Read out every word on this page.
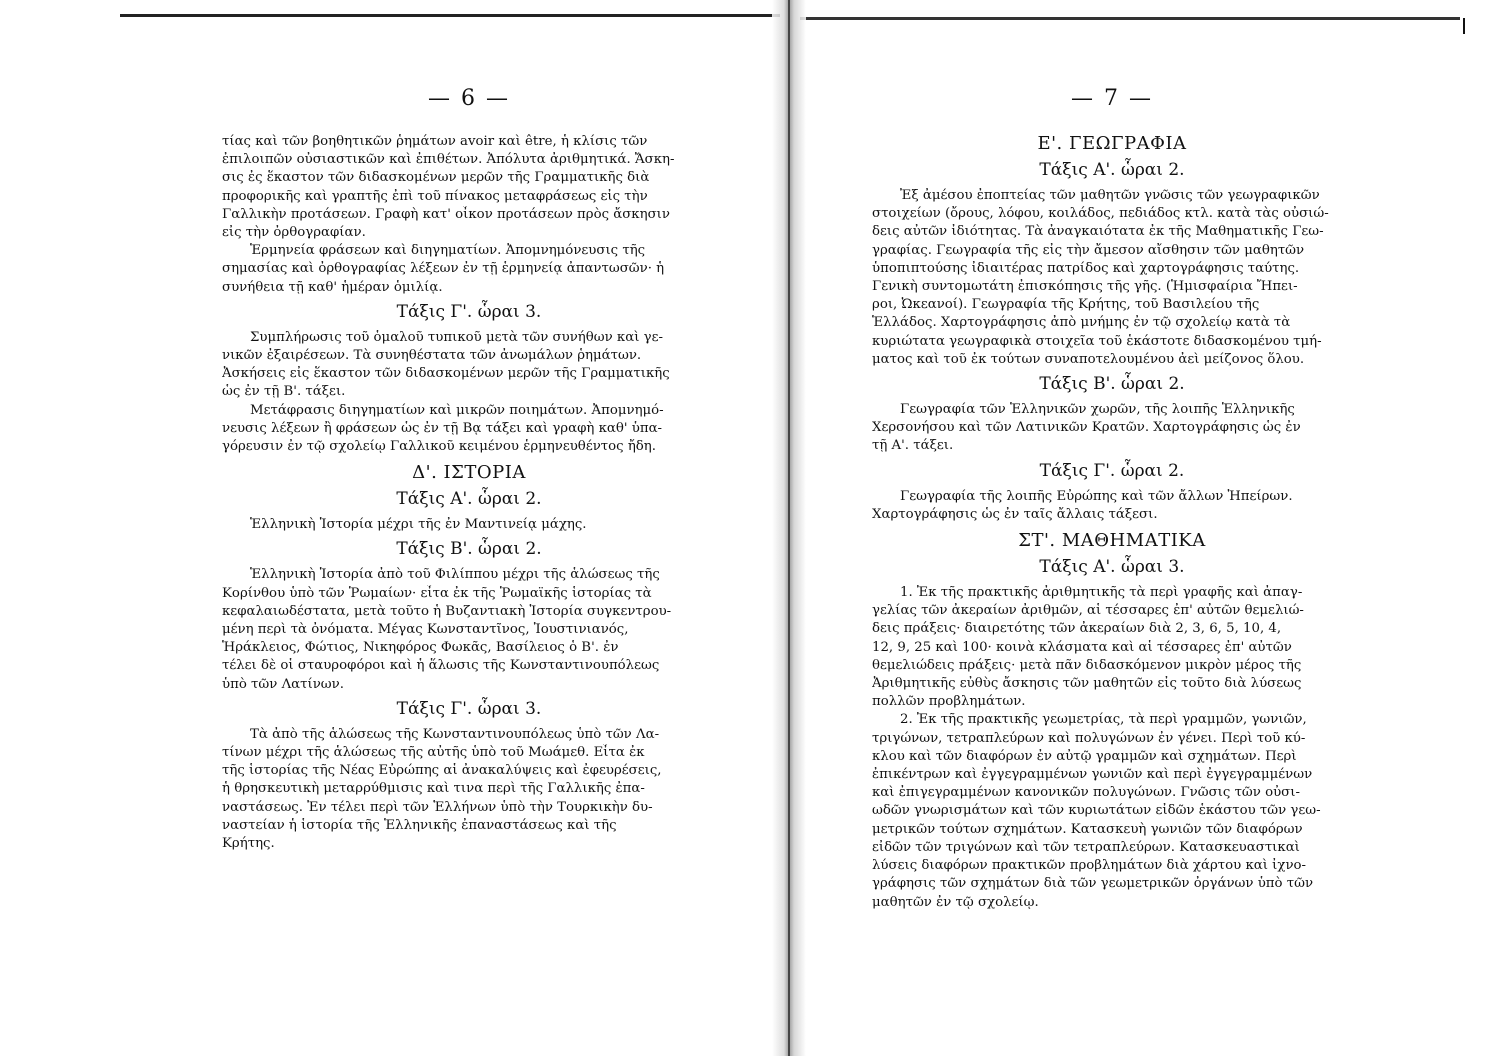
— 6 —

τίας καὶ τῶν βοηθητικῶν ῥημάτων avoir καὶ être, ἡ κλίσις τῶν
ἐπιλοιπῶν οὐσιαστικῶν καὶ ἐπιθέτων. Ἀπόλυτα ἀριθμητικά. Ἄσκη-
σις ἐς ἕκαστον τῶν διδασκομένων μερῶν τῆς Γραμματικῆς διὰ
προφορικῆς καὶ γραπτῆς ἐπὶ τοῦ πίνακος μεταφράσεως εἰς τὴν
Γαλλικὴν προτάσεων. Γραφὴ κατ' οἶκον προτάσεων πρὸς ἄσκησιν
εἰς τὴν ὀρθογραφίαν.

Ἑρμηνεία φράσεων καὶ διηγηματίων. Ἀπομνημόνευσις τῆς
σημασίας καὶ ὀρθογραφίας λέξεων ἐν τῇ ἑρμηνείᾳ ἀπαντωσῶν· ἡ
συνήθεια τῇ καθ' ἡμέραν ὁμιλίᾳ.

Τάξις Γ'. ὧραι 3.

Συμπλήρωσις τοῦ ὁμαλοῦ τυπικοῦ μετὰ τῶν συνήθων καὶ γε-
νικῶν ἐξαιρέσεων. Τὰ συνηθέστατα τῶν ἀνωμάλων ῥημάτων.
Ἀσκήσεις εἰς ἕκαστον τῶν διδασκομένων μερῶν τῆς Γραμματικῆς
ὡς ἐν τῇ Β'. τάξει.

Μετάφρασις διηγηματίων καὶ μικρῶν ποιημάτων. Ἀπομνημό-
νευσις λέξεων ἢ φράσεων ὡς ἐν τῇ Βᾳ τάξει καὶ γραφὴ καθ' ὑπα-
γόρευσιν ἐν τῷ σχολείῳ Γαλλικοῦ κειμένου ἑρμηνευθέντος ἤδη.

Δ'. ΙΣΤΟΡΙΑ
Τάξις Α'. ὧραι 2.

Ἑλληνικὴ Ἱστορία μέχρι τῆς ἐν Μαντινείᾳ μάχης.

Τάξις Β'. ὧραι 2.

Ἑλληνικὴ Ἱστορία ἀπὸ τοῦ Φιλίππου μέχρι τῆς ἁλώσεως τῆς
Κορίνθου ὑπὸ τῶν Ῥωμαίων· εἶτα ἐκ τῆς Ῥωμαϊκῆς ἱστορίας τὰ
κεφαλαιωδέστατα, μετὰ τοῦτο ἡ Βυζαντιακὴ Ἱστορία συγκεντρου-
μένη περὶ τὰ ὀνόματα. Μέγας Κωνσταντῖνος, Ἰουστινιανός,
Ἡράκλειος, Φώτιος, Νικηφόρος Φωκᾶς, Βασίλειος ὁ Β'. ἐν
τέλει δὲ οἱ σταυροφόροι καὶ ἡ ἅλωσις τῆς Κωνσταντινουπόλεως
ὑπὸ τῶν Λατίνων.

Τάξις Γ'. ὧραι 3.

Τὰ ἀπὸ τῆς ἁλώσεως τῆς Κωνσταντινουπόλεως ὑπὸ τῶν Λα-
τίνων μέχρι τῆς ἁλώσεως τῆς αὐτῆς ὑπὸ τοῦ Μωάμεθ. Εἶτα ἐκ
τῆς ἱστορίας τῆς Νέας Εὐρώπης αἱ ἀνακαλύψεις καὶ ἐφευρέσεις,
ἡ θρησκευτικὴ μεταρρύθμισις καὶ τινα περὶ τῆς Γαλλικῆς ἐπα-
ναστάσεως. Ἐν τέλει περὶ τῶν Ἑλλήνων ὑπὸ τὴν Τουρκικὴν δυ-
ναστείαν ἡ ἱστορία τῆς Ἑλληνικῆς ἐπαναστάσεως καὶ τῆς
Κρήτης.

— 7 —
Ε'. ΓΕΩΓΡΑΦΙΑ
Τάξις Α'. ὧραι 2.

Ἐξ ἀμέσου ἐποπτείας τῶν μαθητῶν γνῶσις τῶν γεωγραφικῶν
στοιχείων (ὄρους, λόφου, κοιλάδος, πεδιάδος κτλ. κατὰ τὰς οὐσιώ-
δεις αὐτῶν ἰδιότητας. Τὰ ἀναγκαιότατα ἐκ τῆς Μαθηματικῆς Γεω-
γραφίας. Γεωγραφία τῆς εἰς τὴν ἄμεσον αἴσθησιν τῶν μαθητῶν
ὑποπιπτούσης ἰδιαιτέρας πατρίδος καὶ χαρτογράφησις ταύτης.
Γενικὴ συντομωτάτη ἐπισκόπησις τῆς γῆς. (Ἡμισφαίρια Ἤπει-
ροι, Ὠκεανοί). Γεωγραφία τῆς Κρήτης, τοῦ Βασιλείου τῆς
Ἑλλάδος. Χαρτογράφησις ἀπὸ μνήμης ἐν τῷ σχολείῳ κατὰ τὰ
κυριώτατα γεωγραφικὰ στοιχεῖα τοῦ ἑκάστοτε διδασκομένου τμή-
ματος καὶ τοῦ ἐκ τούτων συναποτελουμένου ἀεὶ μείζονος ὅλου.

Τάξις Β'. ὧραι 2.

Γεωγραφία τῶν Ἑλληνικῶν χωρῶν, τῆς λοιπῆς Ἑλληνικῆς
Χερσονήσου καὶ τῶν Λατινικῶν Κρατῶν. Χαρτογράφησις ὡς ἐν
τῇ Α'. τάξει.

Τάξις Γ'. ὧραι 2.

Γεωγραφία τῆς λοιπῆς Εὐρώπης καὶ τῶν ἄλλων Ἠπείρων.
Χαρτογράφησις ὡς ἐν ταῖς ἄλλαις τάξεσι.

ΣΤ'. ΜΑΘΗΜΑΤΙΚΑ
Τάξις Α'. ὧραι 3.

1. Ἐκ τῆς πρακτικῆς ἀριθμητικῆς τὰ περὶ γραφῆς καὶ ἀπαγ-
γελίας τῶν ἀκεραίων ἀριθμῶν, αἱ τέσσαρες ἐπ' αὐτῶν θεμελιώ-
δεις πράξεις· διαιρετότης τῶν ἀκεραίων διὰ 2, 3, 6, 5, 10, 4,
12, 9, 25 καὶ 100· κοινὰ κλάσματα καὶ αἱ τέσσαρες ἐπ' αὐτῶν
θεμελιώδεις πράξεις· μετὰ πᾶν διδασκόμενον μικρὸν μέρος τῆς
Ἀριθμητικῆς εὐθὺς ἄσκησις τῶν μαθητῶν εἰς τοῦτο διὰ λύσεως
πολλῶν προβλημάτων.

2. Ἐκ τῆς πρακτικῆς γεωμετρίας, τὰ περὶ γραμμῶν, γωνιῶν,
τριγώνων, τετραπλεύρων καὶ πολυγώνων ἐν γένει. Περὶ τοῦ κύ-
κλου καὶ τῶν διαφόρων ἐν αὐτῷ γραμμῶν καὶ σχημάτων. Περὶ
ἐπικέντρων καὶ ἐγγεγραμμένων γωνιῶν καὶ περὶ ἐγγεγραμμένων
καὶ ἐπιγεγραμμένων κανονικῶν πολυγώνων. Γνῶσις τῶν οὐσι-
ωδῶν γνωρισμάτων καὶ τῶν κυριωτάτων εἰδῶν ἑκάστου τῶν γεω-
μετρικῶν τούτων σχημάτων. Κατασκευὴ γωνιῶν τῶν διαφόρων
εἰδῶν τῶν τριγώνων καὶ τῶν τετραπλεύρων. Κατασκευαστικαὶ
λύσεις διαφόρων πρακτικῶν προβλημάτων διὰ χάρτου καὶ ἰχνο-
γράφησις τῶν σχημάτων διὰ τῶν γεωμετρικῶν ὀργάνων ὑπὸ τῶν
μαθητῶν ἐν τῷ σχολείῳ.
